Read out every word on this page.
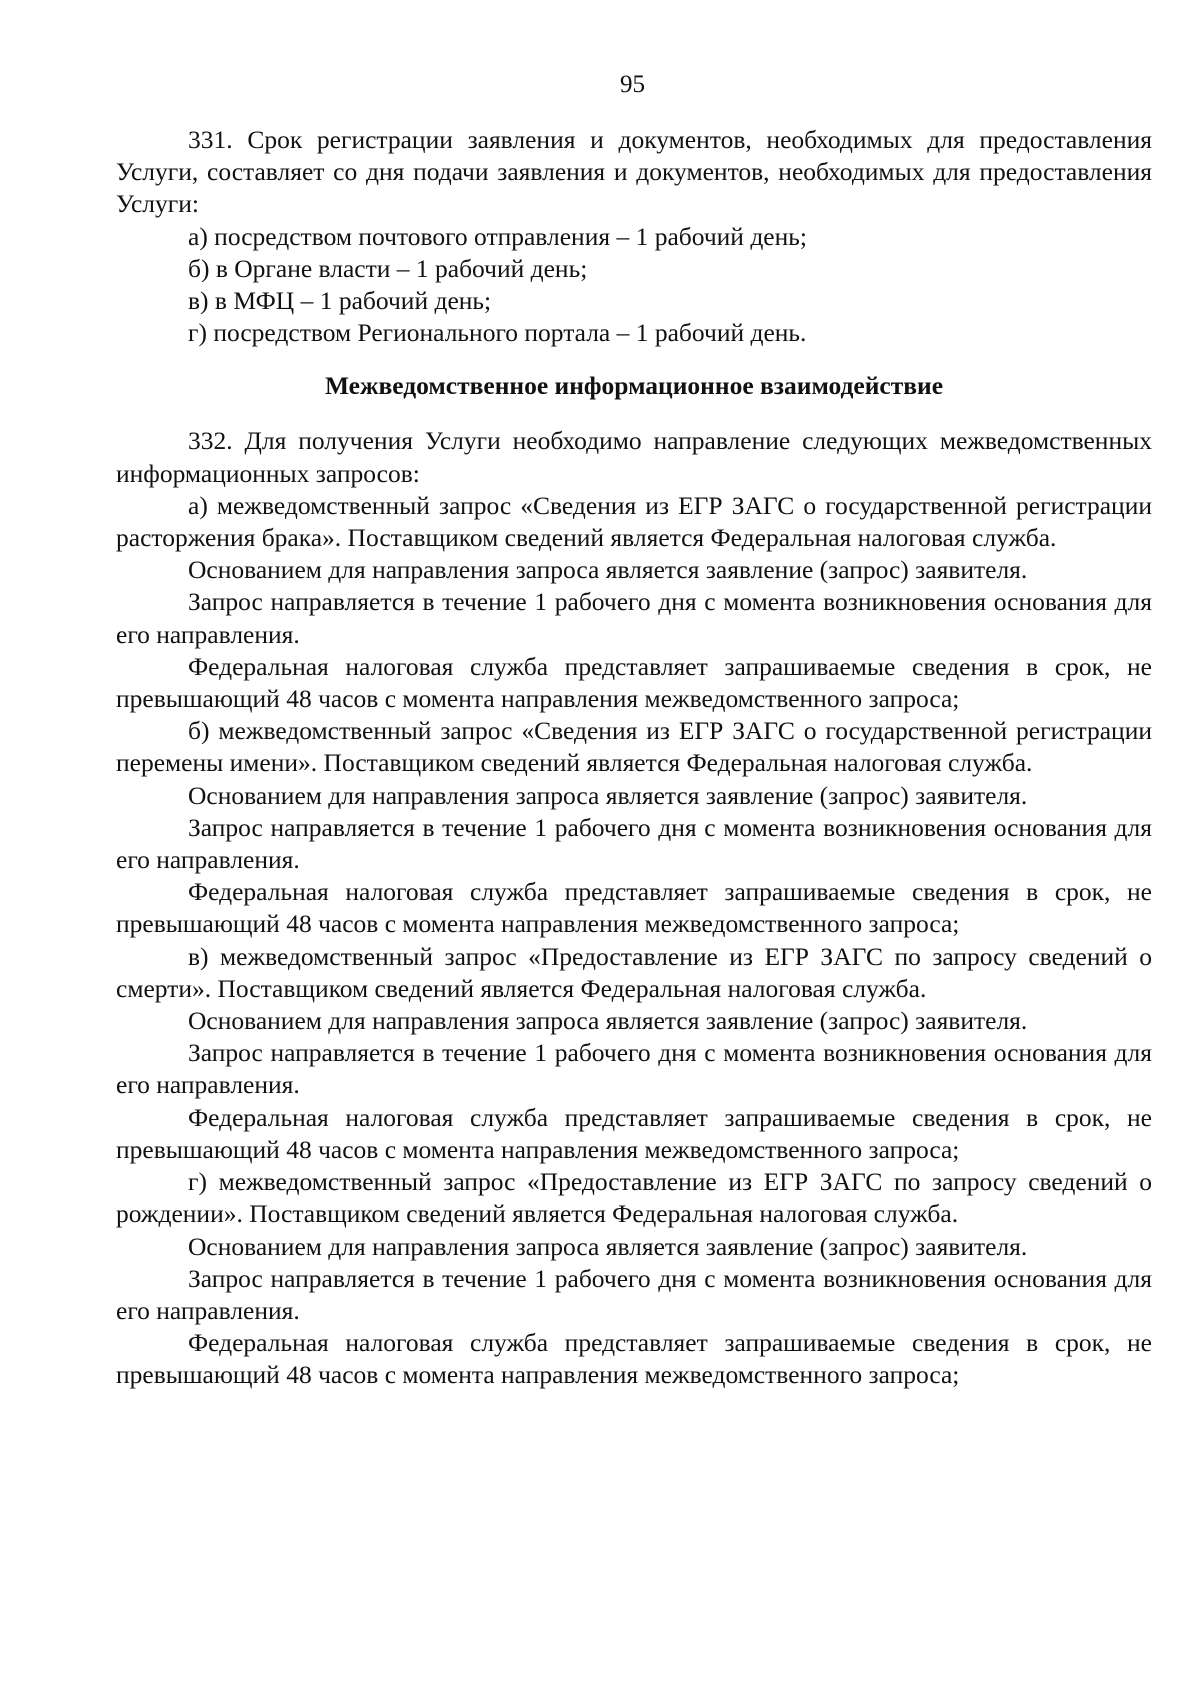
95

331. Срок регистрации заявления и документов, необходимых для предоставления Услуги, составляет со дня подачи заявления и документов, необходимых для предоставления Услуги:

а) посредством почтового отправления – 1 рабочий день;

б) в Органе власти – 1 рабочий день;

в) в МФЦ – 1 рабочий день;

г) посредством Регионального портала – 1 рабочий день.

Межведомственное информационное взаимодействие

332. Для получения Услуги необходимо направление следующих межведомственных информационных запросов:

а) межведомственный запрос «Сведения из ЕГР ЗАГС о государственной регистрации расторжения брака». Поставщиком сведений является Федеральная налоговая служба.

Основанием для направления запроса является заявление (запрос) заявителя.

Запрос направляется в течение 1 рабочего дня с момента возникновения основания для его направления.

Федеральная налоговая служба представляет запрашиваемые сведения в срок, не превышающий 48 часов с момента направления межведомственного запроса;

б) межведомственный запрос «Сведения из ЕГР ЗАГС о государственной регистрации перемены имени». Поставщиком сведений является Федеральная налоговая служба.

Основанием для направления запроса является заявление (запрос) заявителя.

Запрос направляется в течение 1 рабочего дня с момента возникновения основания для его направления.

Федеральная налоговая служба представляет запрашиваемые сведения в срок, не превышающий 48 часов с момента направления межведомственного запроса;

в) межведомственный запрос «Предоставление из ЕГР ЗАГС по запросу сведений о смерти». Поставщиком сведений является Федеральная налоговая служба.

Основанием для направления запроса является заявление (запрос) заявителя.

Запрос направляется в течение 1 рабочего дня с момента возникновения основания для его направления.

Федеральная налоговая служба представляет запрашиваемые сведения в срок, не превышающий 48 часов с момента направления межведомственного запроса;

г) межведомственный запрос «Предоставление из ЕГР ЗАГС по запросу сведений о рождении». Поставщиком сведений является Федеральная налоговая служба.

Основанием для направления запроса является заявление (запрос) заявителя.

Запрос направляется в течение 1 рабочего дня с момента возникновения основания для его направления.

Федеральная налоговая служба представляет запрашиваемые сведения в срок, не превышающий 48 часов с момента направления межведомственного запроса;
